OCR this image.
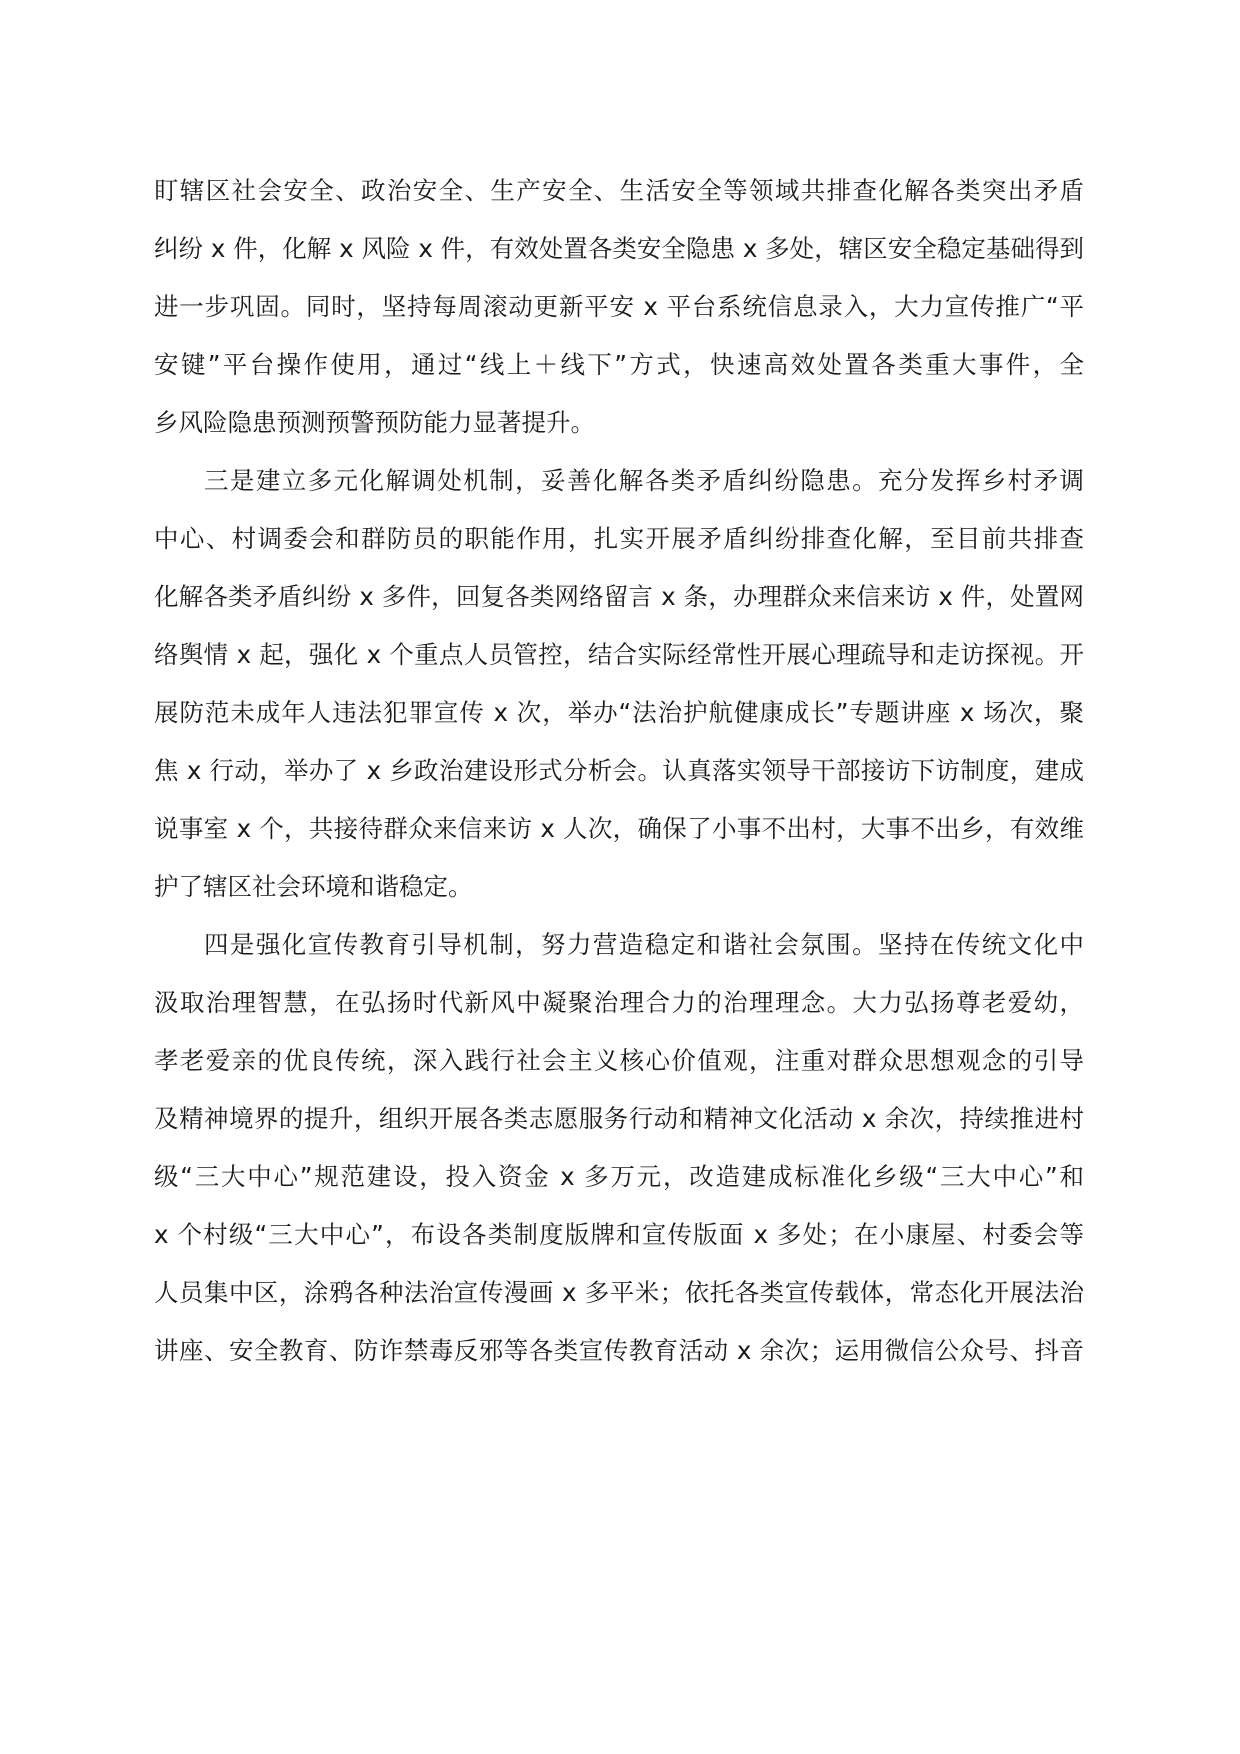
盯辖区社会安全、政治安全、生产安全、生活安全等领域共排查化解各类突出矛盾
纠纷 x 件，化解 x 风险 x 件，有效处置各类安全隐患 x 多处，辖区安全稳定基础得到
进一步巩固。同时，坚持每周滚动更新平安 x 平台系统信息录入，大力宣传推广“平
安键”平台操作使用，通过“线上＋线下”方式，快速高效处置各类重大事件，全
乡风险隐患预测预警预防能力显著提升。
三是建立多元化解调处机制，妥善化解各类矛盾纠纷隐患。充分发挥乡村矛调
中心、村调委会和群防员的职能作用，扎实开展矛盾纠纷排查化解，至目前共排查
化解各类矛盾纠纷 x 多件，回复各类网络留言 x 条，办理群众来信来访 x 件，处置网
络舆情 x 起，强化 x 个重点人员管控，结合实际经常性开展心理疏导和走访探视。开
展防范未成年人违法犯罪宣传 x 次，举办“法治护航健康成长”专题讲座 x 场次，聚
焦 x 行动，举办了 x 乡政治建设形式分析会。认真落实领导干部接访下访制度，建成
说事室 x 个，共接待群众来信来访 x 人次，确保了小事不出村，大事不出乡，有效维
护了辖区社会环境和谐稳定。
四是强化宣传教育引导机制，努力营造稳定和谐社会氛围。坚持在传统文化中
汲取治理智慧，在弘扬时代新风中凝聚治理合力的治理理念。大力弘扬尊老爱幼，
孝老爱亲的优良传统，深入践行社会主义核心价值观，注重对群众思想观念的引导
及精神境界的提升，组织开展各类志愿服务行动和精神文化活动 x 余次，持续推进村
级“三大中心”规范建设，投入资金 x 多万元，改造建成标准化乡级“三大中心”和
x 个村级“三大中心”，布设各类制度版牌和宣传版面 x 多处；在小康屋、村委会等
人员集中区，涂鸦各种法治宣传漫画 x 多平米；依托各类宣传载体，常态化开展法治
讲座、安全教育、防诈禁毒反邪等各类宣传教育活动 x 余次；运用微信公众号、抖音
